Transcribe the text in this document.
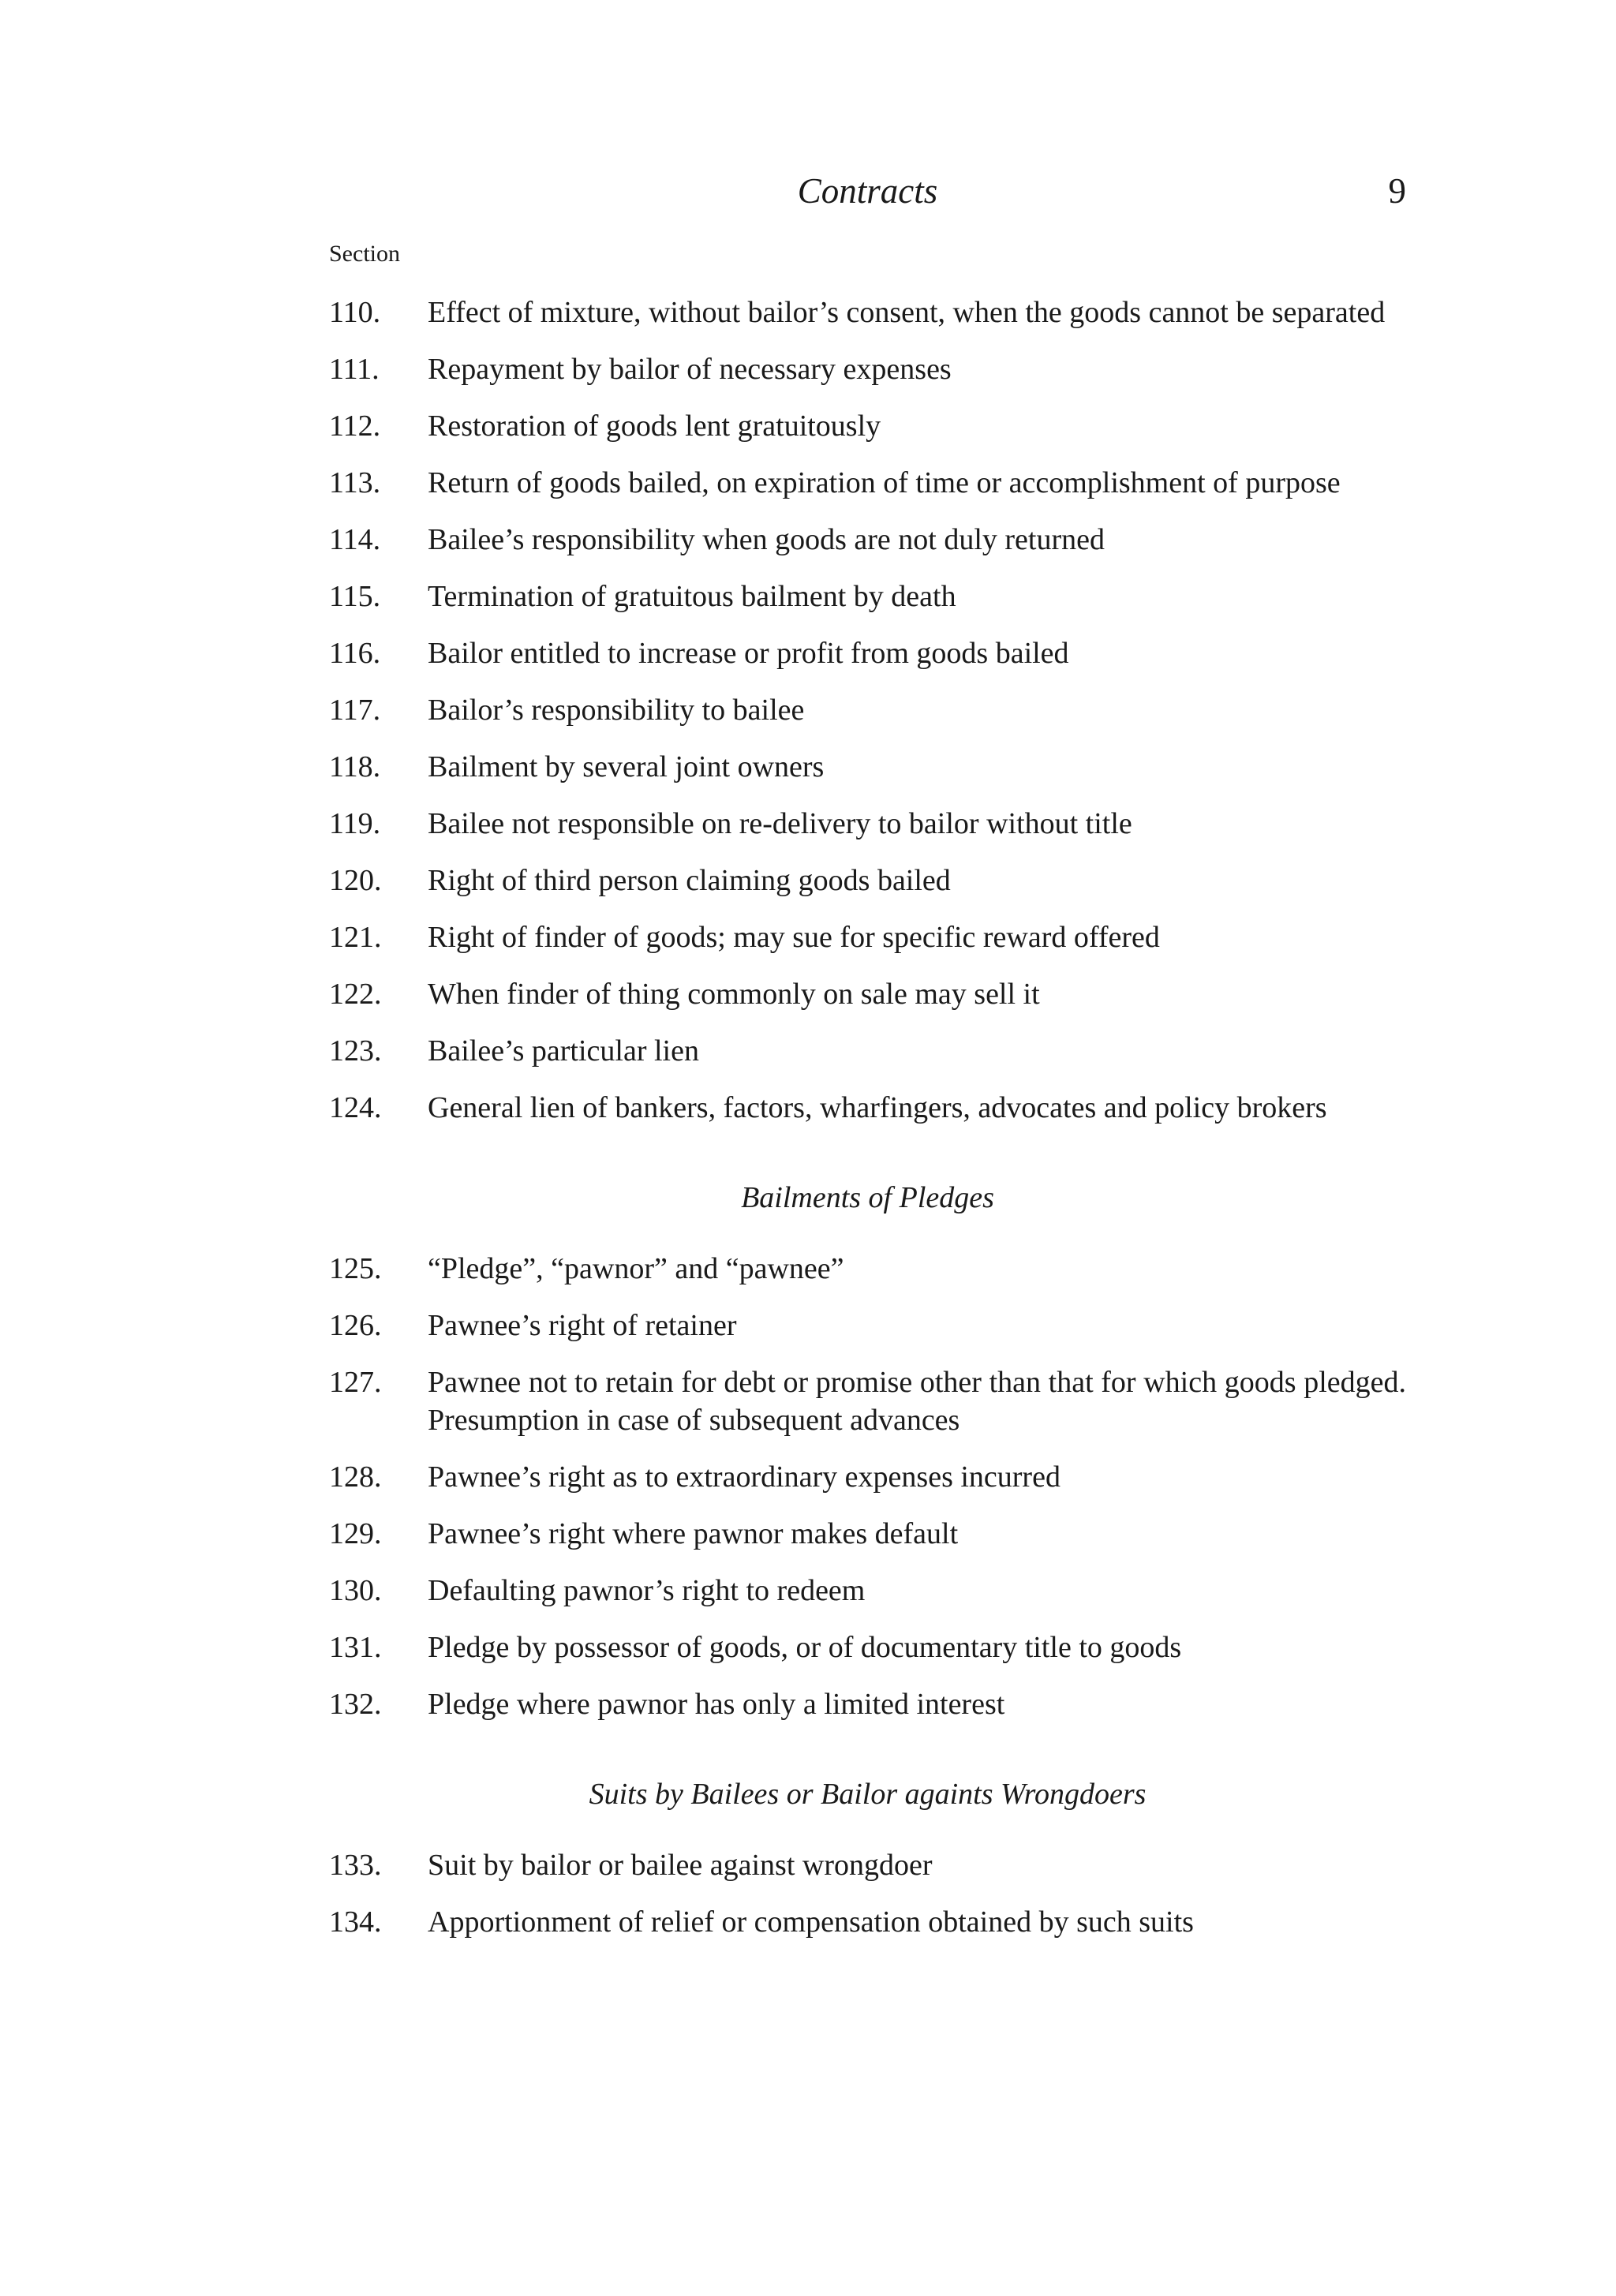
Contracts	9
Section
110.	Effect of mixture, without bailor’s consent, when the goods cannot be separated
111.	Repayment by bailor of necessary expenses
112.	Restoration of goods lent gratuitously
113.	Return of goods bailed, on expiration of time or accomplishment of purpose
114.	Bailee’s responsibility when goods are not duly returned
115.	Termination of gratuitous bailment by death
116.	Bailor entitled to increase or profit from goods bailed
117.	Bailor’s responsibility to bailee
118.	Bailment by several joint owners
119.	Bailee not responsible on re-delivery to bailor without title
120.	Right of third person claiming goods bailed
121.	Right of finder of goods; may sue for specific reward offered
122.	When finder of thing commonly on sale may sell it
123.	Bailee’s particular lien
124.	General lien of bankers, factors, wharfingers, advocates and policy brokers
Bailments of Pledges
125.	“Pledge”, “pawnor” and “pawnee”
126.	Pawnee’s right of retainer
127.	Pawnee not to retain for debt or promise other than that for which goods pledged. Presumption in case of subsequent advances
128.	Pawnee’s right as to extraordinary expenses incurred
129.	Pawnee’s right where pawnor makes default
130.	Defaulting pawnor’s right to redeem
131.	Pledge by possessor of goods, or of documentary title to goods
132.	Pledge where pawnor has only a limited interest
Suits by Bailees or Bailor againts Wrongdoers
133.	Suit by bailor or bailee against wrongdoer
134.	Apportionment of relief or compensation obtained by such suits
